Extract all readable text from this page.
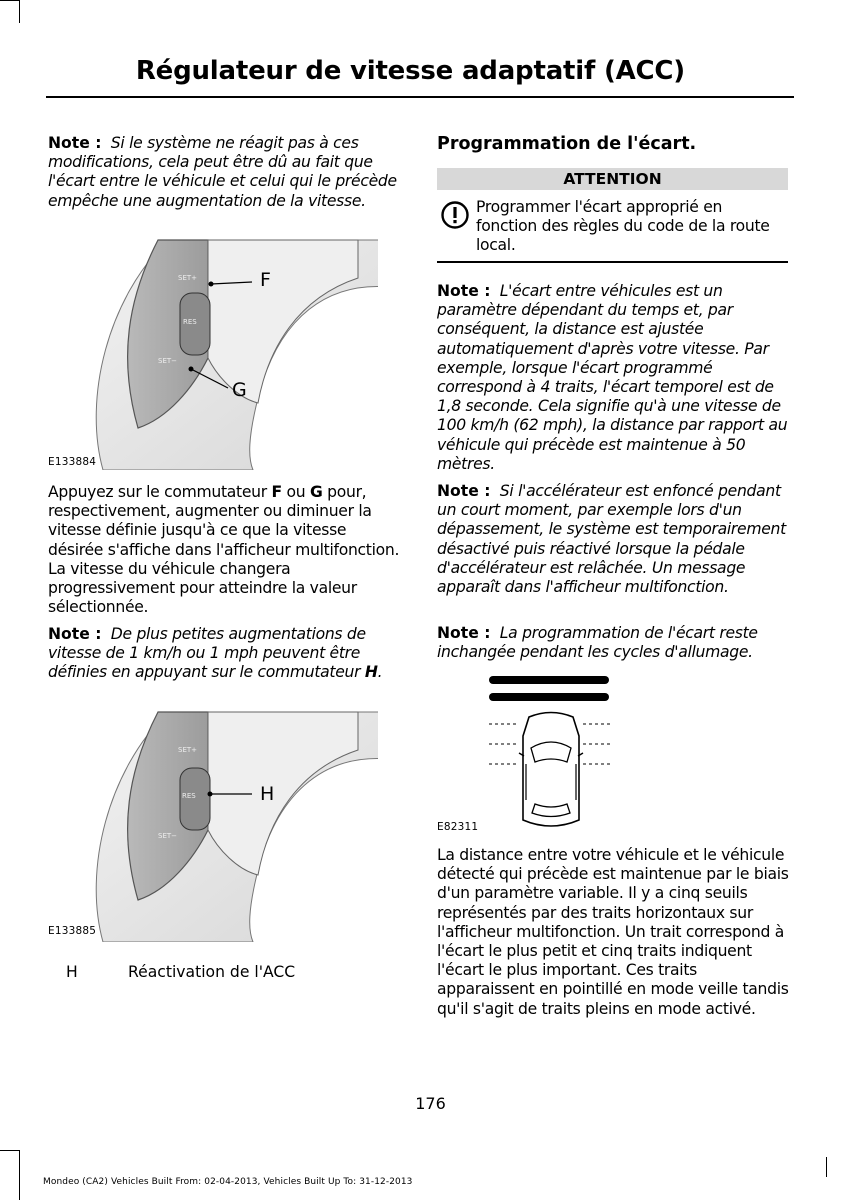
Régulateur de vitesse adaptatif (ACC)

Note : Si le système ne réagit pas à ces modifications, cela peut être dû au fait que l'écart entre le véhicule et celui qui le précède empêche une augmentation de la vitesse.

SET+
RES
SET−
F
G
E133884

Appuyez sur le commutateur F ou G pour, respectivement, augmenter ou diminuer la vitesse définie jusqu'à ce que la vitesse désirée s'affiche dans l'afficheur multifonction. La vitesse du véhicule changera progressivement pour atteindre la valeur sélectionnée.

Note : De plus petites augmentations de vitesse de 1 km/h ou 1 mph peuvent être définies en appuyant sur le commutateur H.

SET+
RES
SET−
H
E133885
H	Réactivation de l'ACC
Programmation de l'écart.
ATTENTION

Programmer l'écart approprié en fonction des règles du code de la route local.

Note : L'écart entre véhicules est un paramètre dépendant du temps et, par conséquent, la distance est ajustée automatiquement d'après votre vitesse. Par exemple, lorsque l'écart programmé correspond à 4 traits, l'écart temporel est de 1,8 seconde. Cela signifie qu'à une vitesse de 100 km/h (62 mph), la distance par rapport au véhicule qui précède est maintenue à 50 mètres.

Note : Si l'accélérateur est enfoncé pendant un court moment, par exemple lors d'un dépassement, le système est temporairement désactivé puis réactivé lorsque la pédale d'accélérateur est relâchée. Un message apparaît dans l'afficheur multifonction.

Note : La programmation de l'écart reste inchangée pendant les cycles d'allumage.

E82311

La distance entre votre véhicule et le véhicule détecté qui précède est maintenue par le biais d'un paramètre variable. Il y a cinq seuils représentés par des traits horizontaux sur l'afficheur multifonction. Un trait correspond à l'écart le plus petit et cinq traits indiquent l'écart le plus important. Ces traits apparaissent en pointillé en mode veille tandis qu'il s'agit de traits pleins en mode activé.

176
Mondeo (CA2) Vehicles Built From: 02-04-2013, Vehicles Built Up To: 31-12-2013
